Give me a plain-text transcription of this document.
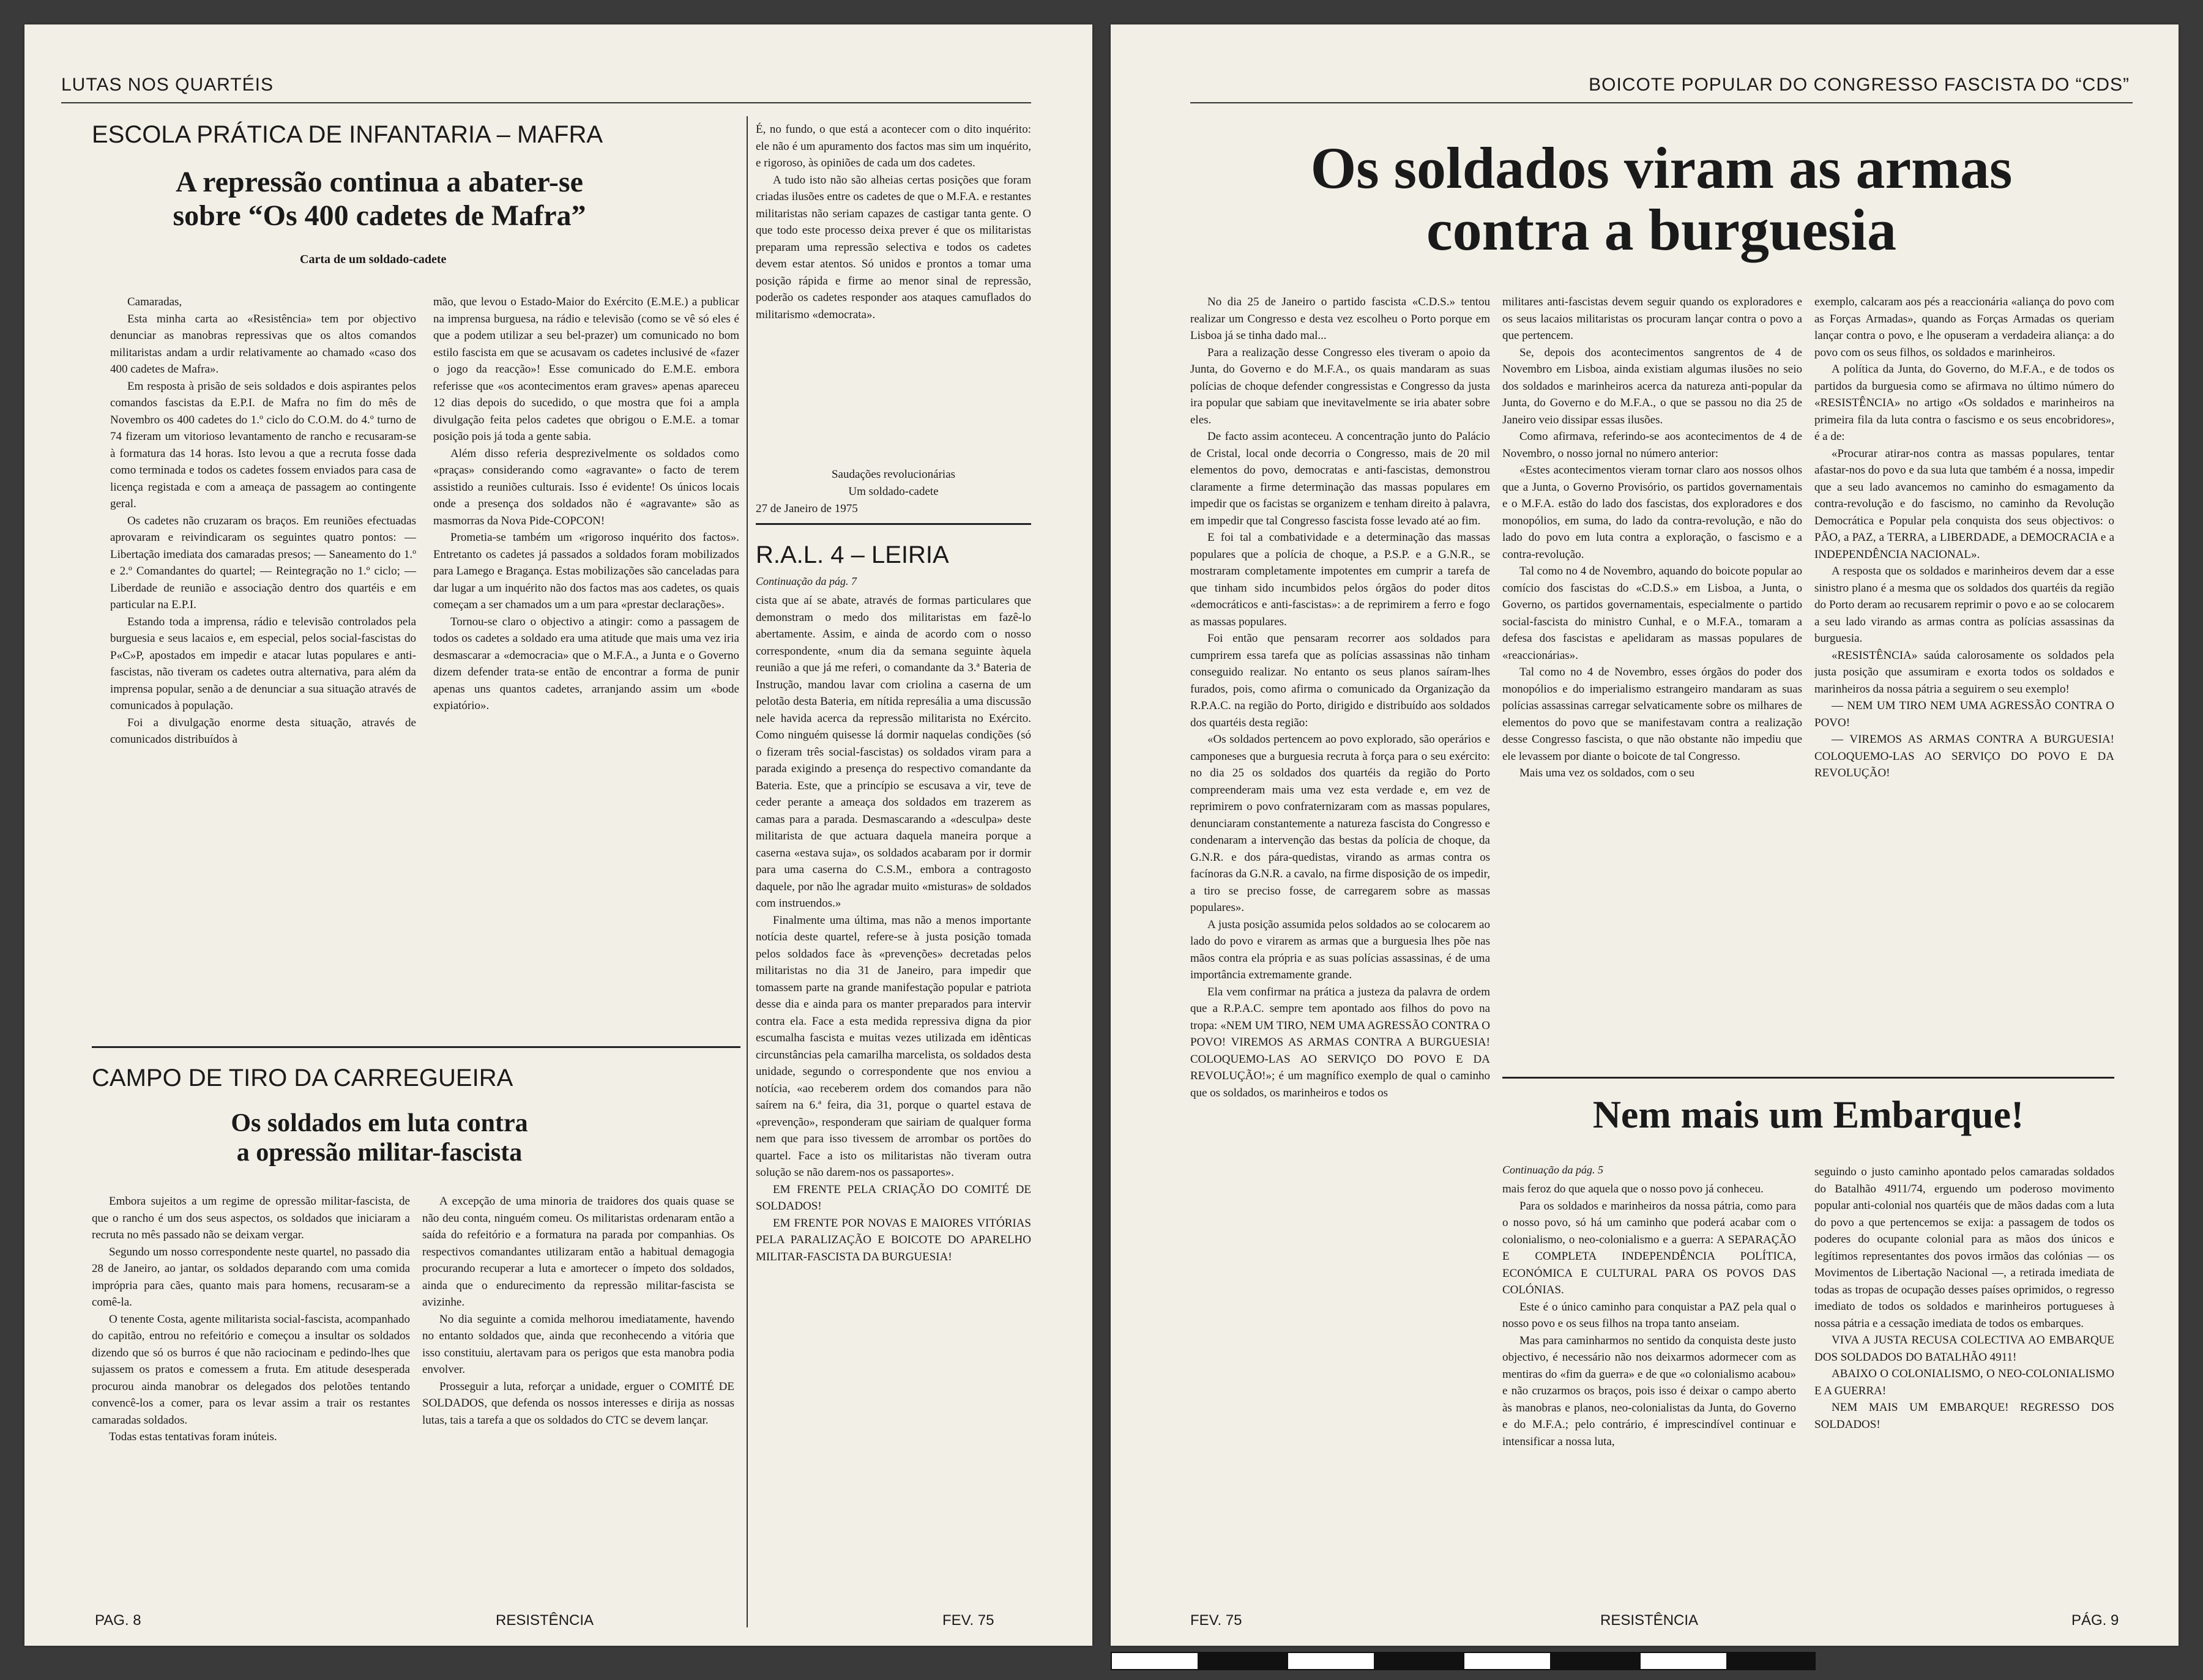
LUTAS NOS QUARTÉIS
ESCOLA PRÁTICA DE INFANTARIA – MAFRA
A repressão continua a abater-se
sobre “Os 400 cadetes de Mafra”
Carta de um soldado-cadete

Camaradas,

Esta minha carta ao «Resistência» tem por objectivo denunciar as manobras repressivas que os altos comandos militaristas andam a urdir relativamente ao chamado «caso dos 400 cadetes de Mafra».

Em resposta à prisão de seis soldados e dois aspirantes pelos comandos fascistas da E.P.I. de Mafra no fim do mês de Novembro os 400 cadetes do 1.º ciclo do C.O.M. do 4.º turno de 74 fizeram um vitorioso levantamento de rancho e recusaram-se à formatura das 14 horas. Isto levou a que a recruta fosse dada como terminada e todos os cadetes fossem enviados para casa de licença registada e com a ameaça de passagem ao contingente geral.

Os cadetes não cruzaram os braços. Em reuniões efectuadas aprovaram e reivindicaram os seguintes quatro pontos: — Libertação imediata dos camaradas presos; — Saneamento do 1.º e 2.º Comandantes do quartel; — Reintegração no 1.º ciclo; — Liberdade de reunião e associação dentro dos quartéis e em particular na E.P.I.

Estando toda a imprensa, rádio e televisão controlados pela burguesia e seus lacaios e, em especial, pelos social-fascistas do P«C»P, apostados em impedir e atacar lutas populares e anti-fascistas, não tiveram os cadetes outra alternativa, para além da imprensa popular, senão a de denunciar a sua situação através de comunicados à população.

Foi a divulgação enorme desta situação, através de comunicados distribuídos à

mão, que levou o Estado-Maior do Exército (E.M.E.) a publicar na imprensa burguesa, na rádio e televisão (como se vê só eles é que a podem utilizar a seu bel-prazer) um comunicado no bom estilo fascista em que se acusavam os cadetes inclusivé de «fazer o jogo da reacção»! Esse comunicado do E.M.E. embora referisse que «os acontecimentos eram graves» apenas apareceu 12 dias depois do sucedido, o que mostra que foi a ampla divulgação feita pelos cadetes que obrigou o E.M.E. a tomar posição pois já toda a gente sabia.

Além disso referia desprezivelmente os soldados como «praças» considerando como «agravante» o facto de terem assistido a reuniões culturais. Isso é evidente! Os únicos locais onde a presença dos soldados não é «agravante» são as masmorras da Nova Pide-COPCON!

Prometia-se também um «rigoroso inquérito dos factos». Entretanto os cadetes já passados a soldados foram mobilizados para Lamego e Bragança. Estas mobilizações são canceladas para dar lugar a um inquérito não dos factos mas aos cadetes, os quais começam a ser chamados um a um para «prestar declarações».

Tornou-se claro o objectivo a atingir: como a passagem de todos os cadetes a soldado era uma atitude que mais uma vez iria desmascarar a «democracia» que o M.F.A., a Junta e o Governo dizem defender trata-se então de encontrar a forma de punir apenas uns quantos cadetes, arranjando assim um «bode expiatório».

É, no fundo, o que está a acontecer com o dito inquérito: ele não é um apuramento dos factos mas sim um inquérito, e rigoroso, às opiniões de cada um dos cadetes.

A tudo isto não são alheias certas posições que foram criadas ilusões entre os cadetes de que o M.F.A. e restantes militaristas não seriam capazes de castigar tanta gente. O que todo este processo deixa prever é que os militaristas preparam uma repressão selectiva e todos os cadetes devem estar atentos. Só unidos e prontos a tomar uma posição rápida e firme ao menor sinal de repressão, poderão os cadetes responder aos ataques camuflados do militarismo «democrata».

Saudações revolucionárias
Um soldado-cadete
27 de Janeiro de 1975
R.A.L. 4 – LEIRIA
Continuação da pág. 7

cista que aí se abate, através de formas particulares que demonstram o medo dos militaristas em fazê-lo abertamente. Assim, e ainda de acordo com o nosso correspondente, «num dia da semana seguinte àquela reunião a que já me referi, o comandante da 3.ª Bateria de Instrução, mandou lavar com criolina a caserna de um pelotão desta Bateria, em nítida represália a uma discussão nele havida acerca da repressão militarista no Exército. Como ninguém quisesse lá dormir naquelas condições (só o fizeram três social-fascistas) os soldados viram para a parada exigindo a presença do respectivo comandante da Bateria. Este, que a princípio se escusava a vir, teve de ceder perante a ameaça dos soldados em trazerem as camas para a parada. Desmascarando a «desculpa» deste militarista de que actuara daquela maneira porque a caserna «estava suja», os soldados acabaram por ir dormir para uma caserna do C.S.M., embora a contragosto daquele, por não lhe agradar muito «misturas» de soldados com instruendos.»

Finalmente uma última, mas não a menos importante notícia deste quartel, refere-se à justa posição tomada pelos soldados face às «prevenções» decretadas pelos militaristas no dia 31 de Janeiro, para impedir que tomassem parte na grande manifestação popular e patriota desse dia e ainda para os manter preparados para intervir contra ela. Face a esta medida repressiva digna da pior escumalha fascista e muitas vezes utilizada em idênticas circunstâncias pela camarilha marcelista, os soldados desta unidade, segundo o correspondente que nos enviou a notícia, «ao receberem ordem dos comandos para não saírem na 6.ª feira, dia 31, porque o quartel estava de «prevenção», responderam que sairiam de qualquer forma nem que para isso tivessem de arrombar os portões do quartel. Face a isto os militaristas não tiveram outra solução se não darem-nos os passaportes».

EM FRENTE PELA CRIAÇÃO DO COMITÉ DE SOLDADOS!

EM FRENTE POR NOVAS E MAIORES VITÓRIAS PELA PARALIZAÇÃO E BOICOTE DO APARELHO MILITAR-FASCISTA DA BURGUESIA!

CAMPO DE TIRO DA CARREGUEIRA
Os soldados em luta contra
a opressão militar-fascista

Embora sujeitos a um regime de opressão militar-fascista, de que o rancho é um dos seus aspectos, os soldados que iniciaram a recruta no mês passado não se deixam vergar.

Segundo um nosso correspondente neste quartel, no passado dia 28 de Janeiro, ao jantar, os soldados deparando com uma comida imprópria para cães, quanto mais para homens, recusaram-se a comê-la.

O tenente Costa, agente militarista social-fascista, acompanhado do capitão, entrou no refeitório e começou a insultar os soldados dizendo que só os burros é que não raciocinam e pedindo-lhes que sujassem os pratos e comessem a fruta. Em atitude desesperada procurou ainda manobrar os delegados dos pelotões tentando convencê-los a comer, para os levar assim a trair os restantes camaradas soldados.

Todas estas tentativas foram inúteis.

A excepção de uma minoria de traidores dos quais quase se não deu conta, ninguém comeu. Os militaristas ordenaram então a saída do refeitório e a formatura na parada por companhias. Os respectivos comandantes utilizaram então a habitual demagogia procurando recuperar a luta e amortecer o ímpeto dos soldados, ainda que o endurecimento da repressão militar-fascista se avizinhe.

No dia seguinte a comida melhorou imediatamente, havendo no entanto soldados que, ainda que reconhecendo a vitória que isso constituiu, alertavam para os perigos que esta manobra podia envolver.

Prosseguir a luta, reforçar a unidade, erguer o COMITÉ DE SOLDADOS, que defenda os nossos interesses e dirija as nossas lutas, tais a tarefa a que os soldados do CTC se devem lançar.

PAG. 8	RESISTÊNCIA	FEV. 75
BOICOTE POPULAR DO CONGRESSO FASCISTA DO “CDS”
Os soldados viram as armas
contra a burguesia

No dia 25 de Janeiro o partido fascista «C.D.S.» tentou realizar um Congresso e desta vez escolheu o Porto porque em Lisboa já se tinha dado mal...

Para a realização desse Congresso eles tiveram o apoio da Junta, do Governo e do M.F.A., os quais mandaram as suas polícias de choque defender congressistas e Congresso da justa ira popular que sabiam que inevitavelmente se iria abater sobre eles.

De facto assim aconteceu. A concentração junto do Palácio de Cristal, local onde decorria o Congresso, mais de 20 mil elementos do povo, democratas e anti-fascistas, demonstrou claramente a firme determinação das massas populares em impedir que os facistas se organizem e tenham direito à palavra, em impedir que tal Congresso fascista fosse levado até ao fim.

E foi tal a combatividade e a determinação das massas populares que a polícia de choque, a P.S.P. e a G.N.R., se mostraram completamente impotentes em cumprir a tarefa de que tinham sido incumbidos pelos órgãos do poder ditos «democráticos e anti-fascistas»: a de reprimirem a ferro e fogo as massas populares.

Foi então que pensaram recorrer aos soldados para cumprirem essa tarefa que as polícias assassinas não tinham conseguido realizar. No entanto os seus planos saíram-lhes furados, pois, como afirma o comunicado da Organização da R.P.A.C. na região do Porto, dirigido e distribuído aos soldados dos quartéis desta região:

«Os soldados pertencem ao povo explorado, são operários e camponeses que a burguesia recruta à força para o seu exército: no dia 25 os soldados dos quartéis da região do Porto compreenderam mais uma vez esta verdade e, em vez de reprimirem o povo confraternizaram com as massas populares, denunciaram constantemente a natureza fascista do Congresso e condenaram a intervenção das bestas da polícia de choque, da G.N.R. e dos pára-quedistas, virando as armas contra os facínoras da G.N.R. a cavalo, na firme disposição de os impedir, a tiro se preciso fosse, de carregarem sobre as massas populares».

A justa posição assumida pelos soldados ao se colocarem ao lado do povo e virarem as armas que a burguesia lhes põe nas mãos contra ela própria e as suas polícias assassinas, é de uma importância extremamente grande.

Ela vem confirmar na prática a justeza da palavra de ordem que a R.P.A.C. sempre tem apontado aos filhos do povo na tropa: «NEM UM TIRO, NEM UMA AGRESSÃO CONTRA O POVO! VIREMOS AS ARMAS CONTRA A BURGUESIA! COLOQUEMO-LAS AO SERVIÇO DO POVO E DA REVOLUÇÃO!»; é um magnífico exemplo de qual o caminho que os soldados, os marinheiros e todos os

militares anti-fascistas devem seguir quando os exploradores e os seus lacaios militaristas os procuram lançar contra o povo a que pertencem.

Se, depois dos acontecimentos sangrentos de 4 de Novembro em Lisboa, ainda existiam algumas ilusões no seio dos soldados e marinheiros acerca da natureza anti-popular da Junta, do Governo e do M.F.A., o que se passou no dia 25 de Janeiro veio dissipar essas ilusões.

Como afirmava, referindo-se aos acontecimentos de 4 de Novembro, o nosso jornal no número anterior:

«Estes acontecimentos vieram tornar claro aos nossos olhos que a Junta, o Governo Provisório, os partidos governamentais e o M.F.A. estão do lado dos fascistas, dos exploradores e dos monopólios, em suma, do lado da contra-revolução, e não do lado do povo em luta contra a exploração, o fascismo e a contra-revolução.

Tal como no 4 de Novembro, aquando do boicote popular ao comício dos fascistas do «C.D.S.» em Lisboa, a Junta, o Governo, os partidos governamentais, especialmente o partido social-fascista do ministro Cunhal, e o M.F.A., tomaram a defesa dos fascistas e apelidaram as massas populares de «reaccionárias».

Tal como no 4 de Novembro, esses órgãos do poder dos monopólios e do imperialismo estrangeiro mandaram as suas polícias assassinas carregar selvaticamente sobre os milhares de elementos do povo que se manifestavam contra a realização desse Congresso fascista, o que não obstante não impediu que ele levassem por diante o boicote de tal Congresso.

Mais uma vez os soldados, com o seu

exemplo, calcaram aos pés a reaccionária «aliança do povo com as Forças Armadas», quando as Forças Armadas os queriam lançar contra o povo, e lhe opuseram a verdadeira aliança: a do povo com os seus filhos, os soldados e marinheiros.

A política da Junta, do Governo, do M.F.A., e de todos os partidos da burguesia como se afirmava no último número do «RESISTÊNCIA» no artigo «Os soldados e marinheiros na primeira fila da luta contra o fascismo e os seus encobridores», é a de:

«Procurar atirar-nos contra as massas populares, tentar afastar-nos do povo e da sua luta que também é a nossa, impedir que a seu lado avancemos no caminho do esmagamento da contra-revolução e do fascismo, no caminho da Revolução Democrática e Popular pela conquista dos seus objectivos: o PÃO, a PAZ, a TERRA, a LIBERDADE, a DEMOCRACIA e a INDEPENDÊNCIA NACIONAL».

A resposta que os soldados e marinheiros devem dar a esse sinistro plano é a mesma que os soldados dos quartéis da região do Porto deram ao recusarem reprimir o povo e ao se colocarem a seu lado virando as armas contra as polícias assassinas da burguesia.

«RESISTÊNCIA» saúda calorosamente os soldados pela justa posição que assumiram e exorta todos os soldados e marinheiros da nossa pátria a seguirem o seu exemplo!

— NEM UM TIRO NEM UMA AGRESSÃO CONTRA O POVO!

— VIREMOS AS ARMAS CONTRA A BURGUESIA! COLOQUEMO-LAS AO SERVIÇO DO POVO E DA REVOLUÇÃO!

Nem mais um Embarque!
Continuação da pág. 5

mais feroz do que aquela que o nosso povo já conheceu.

Para os soldados e marinheiros da nossa pátria, como para o nosso povo, só há um caminho que poderá acabar com o colonialismo, o neo-colonialismo e a guerra: A SEPARAÇÃO E COMPLETA INDEPENDÊNCIA POLÍTICA, ECONÓMICA E CULTURAL PARA OS POVOS DAS COLÓNIAS.

Este é o único caminho para conquistar a PAZ pela qual o nosso povo e os seus filhos na tropa tanto anseiam.

Mas para caminharmos no sentido da conquista deste justo objectivo, é necessário não nos deixarmos adormecer com as mentiras do «fim da guerra» e de que «o colonialismo acabou» e não cruzarmos os braços, pois isso é deixar o campo aberto às manobras e planos, neo-colonialistas da Junta, do Governo e do M.F.A.; pelo contrário, é imprescindível continuar e intensificar a nossa luta,

seguindo o justo caminho apontado pelos camaradas soldados do Batalhão 4911/74, erguendo um poderoso movimento popular anti-colonial nos quartéis que de mãos dadas com a luta do povo a que pertencemos se exija: a passagem de todos os poderes do ocupante colonial para as mãos dos únicos e legítimos representantes dos povos irmãos das colónias — os Movimentos de Libertação Nacional —, a retirada imediata de todas as tropas de ocupação desses países oprimidos, o regresso imediato de todos os soldados e marinheiros portugueses à nossa pátria e a cessação imediata de todos os embarques.

VIVA A JUSTA RECUSA COLECTIVA AO EMBARQUE DOS SOLDADOS DO BATALHÃO 4911!

ABAIXO O COLONIALISMO, O NEO-COLONIALISMO E A GUERRA!

NEM MAIS UM EMBARQUE! REGRESSO DOS SOLDADOS!

FEV. 75	RESISTÊNCIA	PÁG. 9
